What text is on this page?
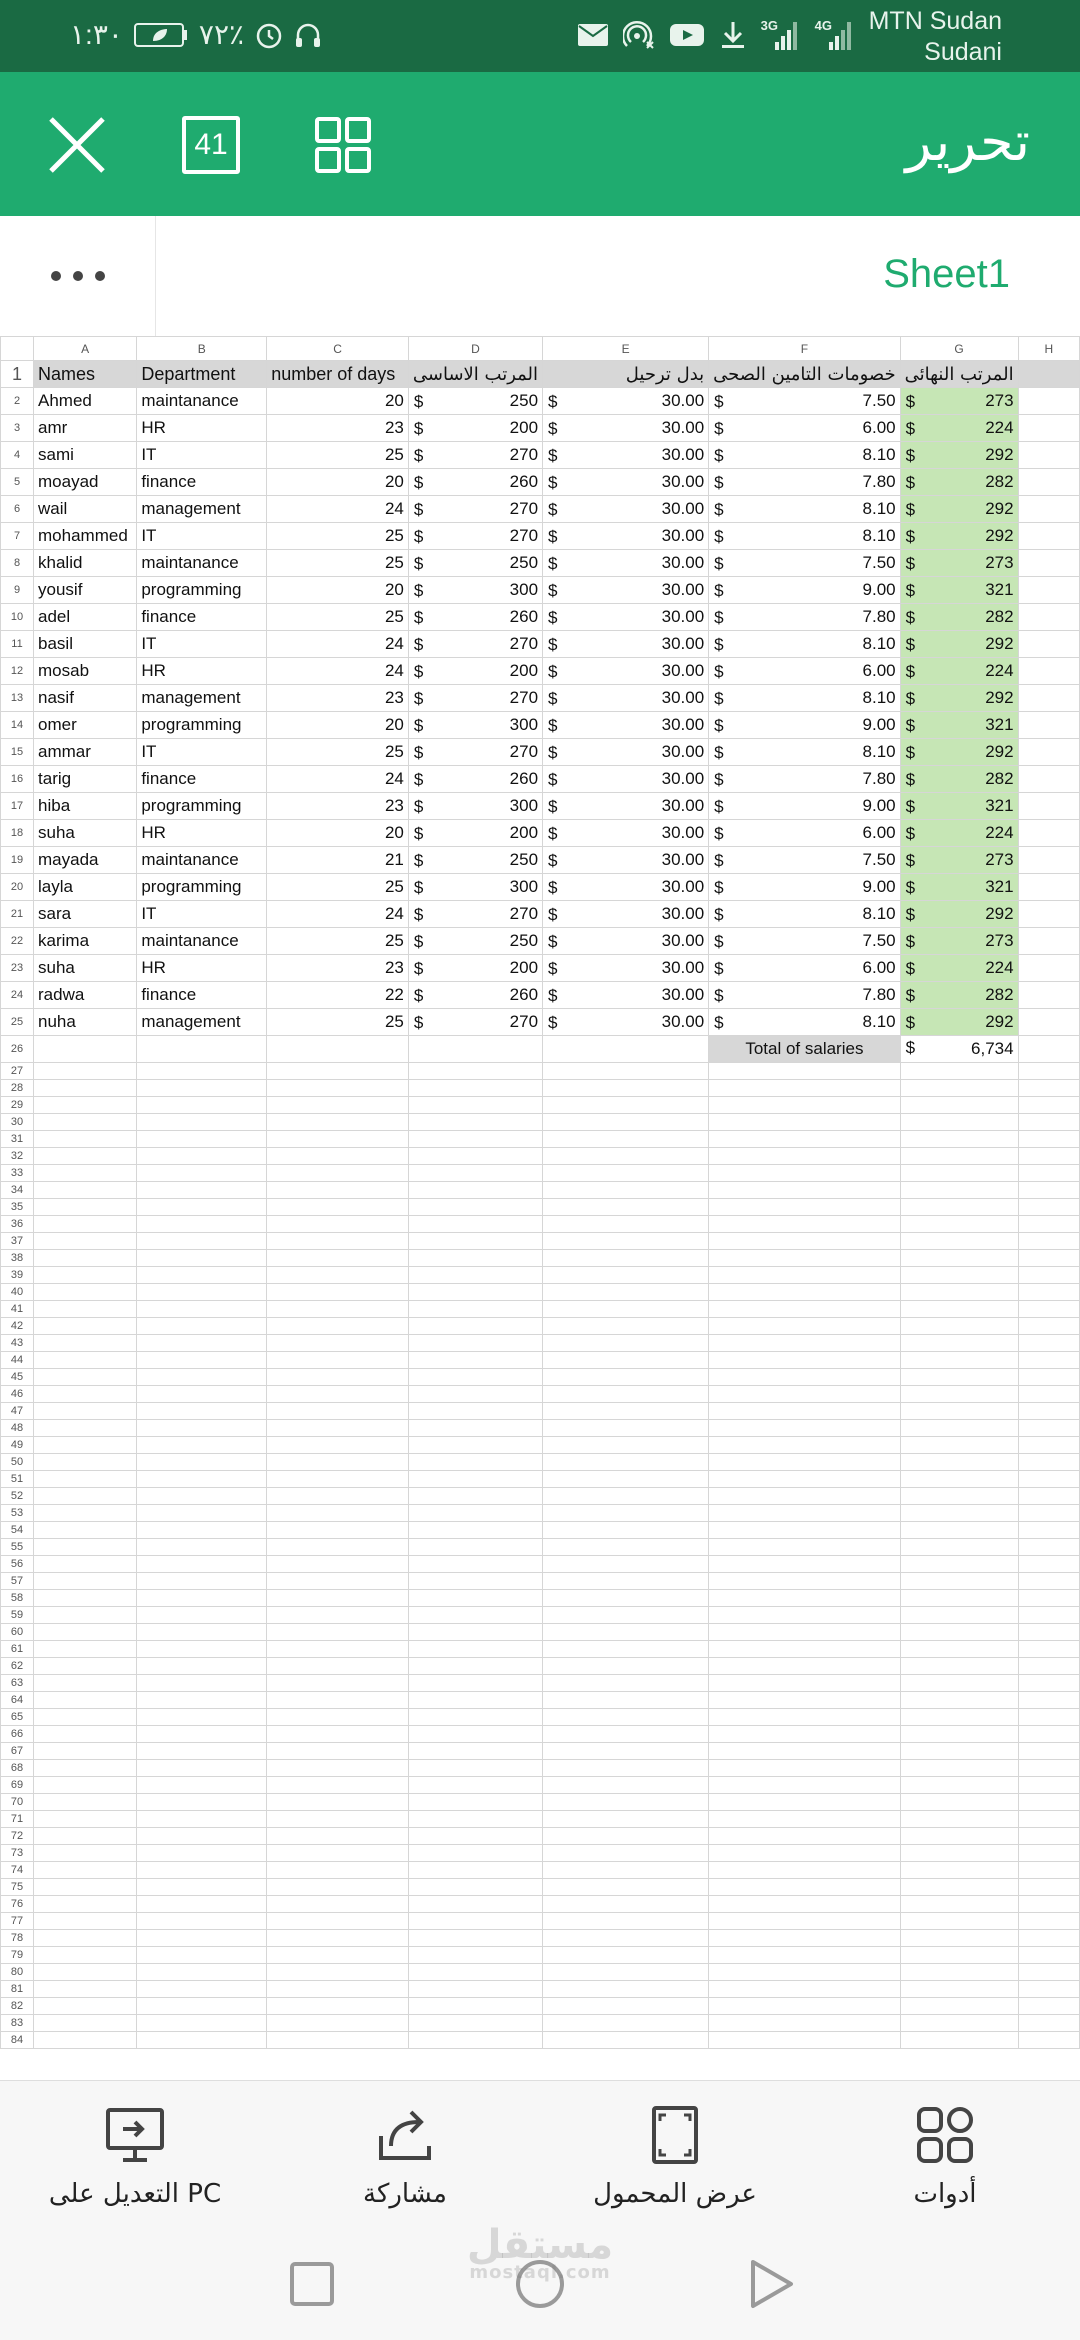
١:٣٠	٧٢٪	3G	4G MTN Sudan
Sudani
41	تحرير
Sheet1
	A	B	C	D	E	F	G	H
1	Names	Department	number of days	المرتب الاساسى	بدل ترحيل	خصومات التامين الصحى	المرتب النهائى	
2	Ahmed	maintanance	20	$ 250	$ 30.00	$ 7.50	$ 273	

3	amr	HR	23	$ 200	$ 30.00	$ 6.00	$ 224	

4	sami	IT	25	$ 270	$ 30.00	$ 8.10	$ 292	

5	moayad	finance	20	$ 260	$ 30.00	$ 7.80	$ 282	

6	wail	management	24	$ 270	$ 30.00	$ 8.10	$ 292	

7	mohammed	IT	25	$ 270	$ 30.00	$ 8.10	$ 292	

8	khalid	maintanance	25	$ 250	$ 30.00	$ 7.50	$ 273	

9	yousif	programming	20	$ 300	$ 30.00	$ 9.00	$ 321	

10	adel	finance	25	$ 260	$ 30.00	$ 7.80	$ 282	

11	basil	IT	24	$ 270	$ 30.00	$ 8.10	$ 292	

12	mosab	HR	24	$ 200	$ 30.00	$ 6.00	$ 224	

13	nasif	management	23	$ 270	$ 30.00	$ 8.10	$ 292	

14	omer	programming	20	$ 300	$ 30.00	$ 9.00	$ 321	

15	ammar	IT	25	$ 270	$ 30.00	$ 8.10	$ 292	

16	tarig	finance	24	$ 260	$ 30.00	$ 7.80	$ 282	

17	hiba	programming	23	$ 300	$ 30.00	$ 9.00	$ 321	

18	suha	HR	20	$ 200	$ 30.00	$ 6.00	$ 224	

19	mayada	maintanance	21	$ 250	$ 30.00	$ 7.50	$ 273	

20	layla	programming	25	$ 300	$ 30.00	$ 9.00	$ 321	

21	sara	IT	24	$ 270	$ 30.00	$ 8.10	$ 292	

22	karima	maintanance	25	$ 250	$ 30.00	$ 7.50	$ 273	

23	suha	HR	23	$ 200	$ 30.00	$ 6.00	$ 224	

24	radwa	finance	22	$ 260	$ 30.00	$ 7.80	$ 282	

25	nuha	management	25	$ 270	$ 30.00	$ 8.10	$ 292	

26						Total of salaries	$ 6,734	

27								
28								
29								
30								
31								
32								
33								
34								
35								
36								
37								
38								
39								
40								
41								
42								
43								
44								
45								
46								
47								
48								
49								
50								
51								
52								
53								
54								
55								
56								
57								
58								
59								
60								
61								
62								
63								
64								
65								
66								
67								
68								
69								
70								
71								
72								
73								
74								
75								
76								
77								
78								
79								
80								
81								
82								
83								
84								
التعديل على PC	مشاركة	عرض المحمول	أدوات
مستقل
mostaql.com
